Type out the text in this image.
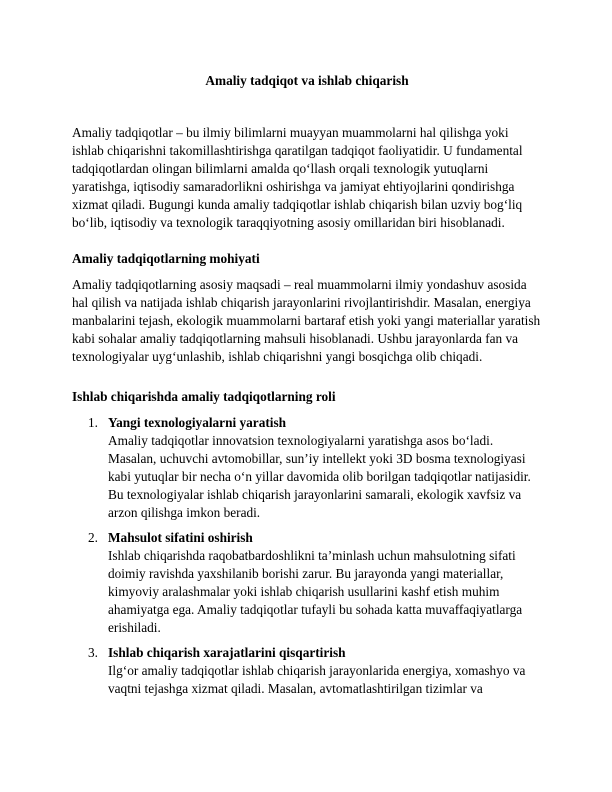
Amaliy tadqiqot va ishlab chiqarish

Amaliy tadqiqotlar – bu ilmiy bilimlarni muayyan muammolarni hal qilishga yoki ishlab chiqarishni takomillashtirishga qaratilgan tadqiqot faoliyatidir. U fundamental tadqiqotlardan olingan bilimlarni amalda qo‘llash orqali texnologik yutuqlarni yaratishga, iqtisodiy samaradorlikni oshirishga va jamiyat ehtiyojlarini qondirishga xizmat qiladi. Bugungi kunda amaliy tadqiqotlar ishlab chiqarish bilan uzviy bog‘liq bo‘lib, iqtisodiy va texnologik taraqqiyotning asosiy omillaridan biri hisoblanadi.

Amaliy tadqiqotlarning mohiyati

Amaliy tadqiqotlarning asosiy maqsadi – real muammolarni ilmiy yondashuv asosida hal qilish va natijada ishlab chiqarish jarayonlarini rivojlantirishdir. Masalan, energiya manbalarini tejash, ekologik muammolarni bartaraf etish yoki yangi materiallar yaratish kabi sohalar amaliy tadqiqotlarning mahsuli hisoblanadi. Ushbu jarayonlarda fan va texnologiyalar uyg‘unlashib, ishlab chiqarishni yangi bosqichga olib chiqadi.

Ishlab chiqarishda amaliy tadqiqotlarning roli

1. Yangi texnologiyalarni yaratish
Amaliy tadqiqotlar innovatsion texnologiyalarni yaratishga asos bo‘ladi. Masalan, uchuvchi avtomobillar, sun’iy intellekt yoki 3D bosma texnologiyasi kabi yutuqlar bir necha o‘n yillar davomida olib borilgan tadqiqotlar natijasidir. Bu texnologiyalar ishlab chiqarish jarayonlarini samarali, ekologik xavfsiz va arzon qilishga imkon beradi.
2. Mahsulot sifatini oshirish
Ishlab chiqarishda raqobatbardoshlikni ta’minlash uchun mahsulotning sifati doimiy ravishda yaxshilanib borishi zarur. Bu jarayonda yangi materiallar, kimyoviy aralashmalar yoki ishlab chiqarish usullarini kashf etish muhim ahamiyatga ega. Amaliy tadqiqotlar tufayli bu sohada katta muvaffaqiyatlarga erishiladi.
3. Ishlab chiqarish xarajatlarini qisqartirish
Ilg‘or amaliy tadqiqotlar ishlab chiqarish jarayonlarida energiya, xomashyo va vaqtni tejashga xizmat qiladi. Masalan, avtomatlashtirilgan tizimlar va
